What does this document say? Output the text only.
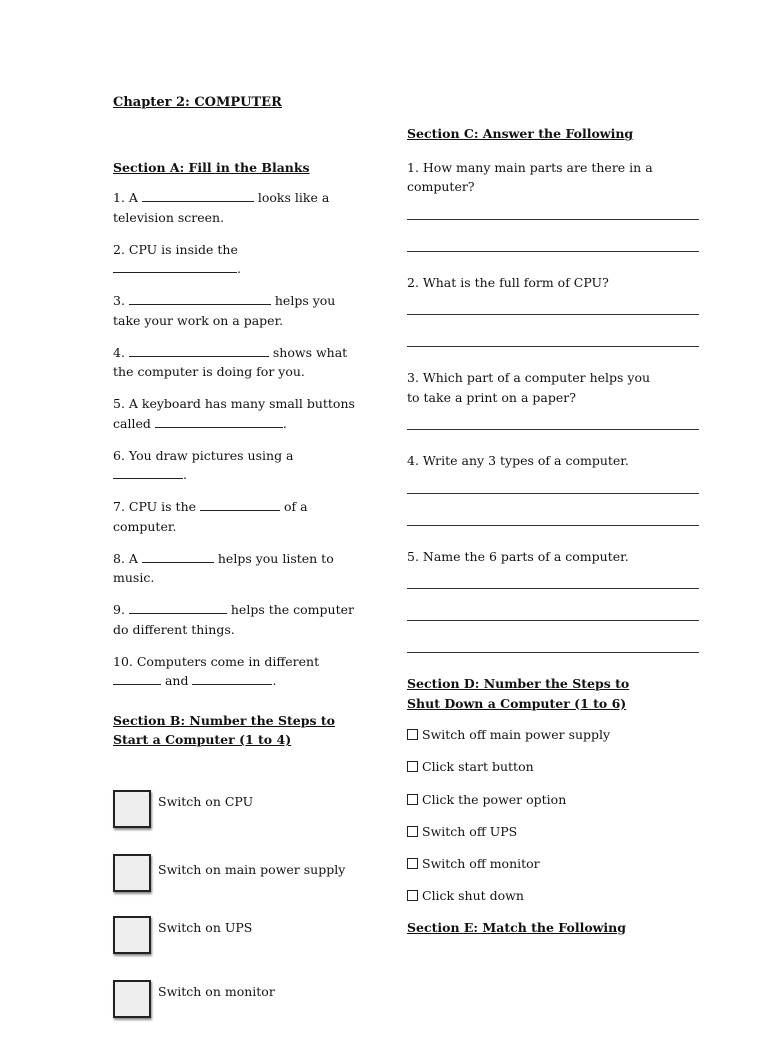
Chapter 2: COMPUTER
Section A: Fill in the Blanks
1. A	looks like a television screen.
2. CPU is inside the .
3.	helps you take your work on a paper.
4.	shows what the computer is doing for you.
5. A keyboard has many small buttons called	.
6. You draw pictures using a .
7. CPU is the	of a computer.
8. A	helps you listen to music.
9.	helps the computer do different things.
10. Computers come in different  and	.
Section B: Number the Steps to Start a Computer (1 to 4)
Switch on CPU
Switch on main power supply
Switch on UPS
Switch on monitor
Section C: Answer the Following
1. How many main parts are there in a computer?
2. What is the full form of CPU?
3. Which part of a computer helps you to take a print on a paper?
4. Write any 3 types of a computer.
5. Name the 6 parts of a computer.
Section D: Number the Steps to Shut Down a Computer (1 to 6)
Switch off main power supply
Click start button
Click the power option
Switch off UPS
Switch off monitor
Click shut down
Section E: Match the Following
